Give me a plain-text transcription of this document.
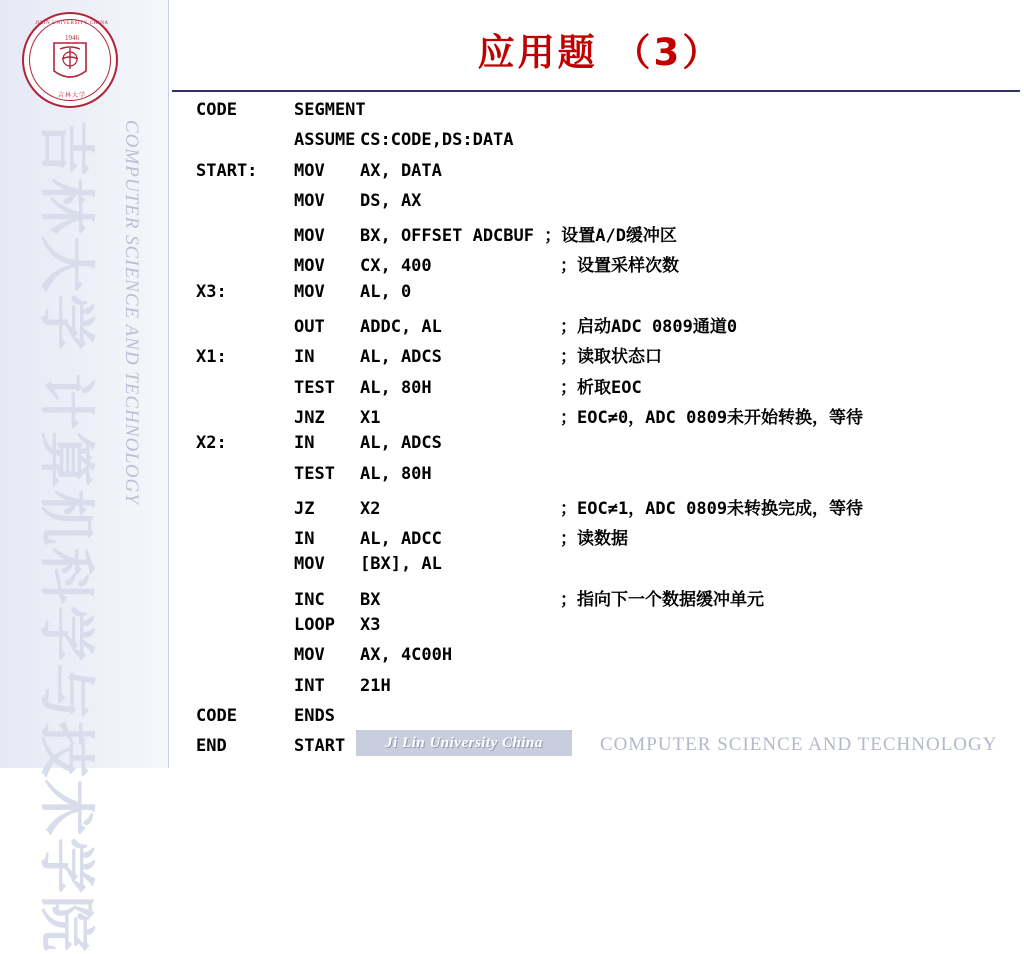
JILIN UNIVERSITY CHINA
1946
吉林大学
吉林大学 计算机科学与技术学院	COMPUTER SCIENCE AND TECHNOLOGY
应用题 （3）
CODE	SEGMENT
ASSUME CS:CODE,DS:DATA
START:	MOV	AX, DATA
MOV	DS, AX
MOV	BX, OFFSET ADCBUF ；设置A/D缓冲区
MOV	CX, 400	；设置采样次数
X3:	MOV	AL, 0
OUT	ADDC, AL	；启动ADC 0809通道0
X1:	IN	AL, ADCS	；读取状态口
TEST	AL, 80H	；析取EOC
JNZ	X1	；EOC≠0，ADC 0809未开始转换，等待
X2:	IN	AL, ADCS
TEST	AL, 80H
JZ	X2	；EOC≠1，ADC 0809未转换完成，等待
IN	AL, ADCC	；读数据
MOV	[BX], AL
INC	BX	；指向下一个数据缓冲单元
LOOP	X3
MOV	AX, 4C00H
INT	21H
CODE	ENDS
END	START	Ji Lin University China	COMPUTER SCIENCE AND TECHNOLOGY
